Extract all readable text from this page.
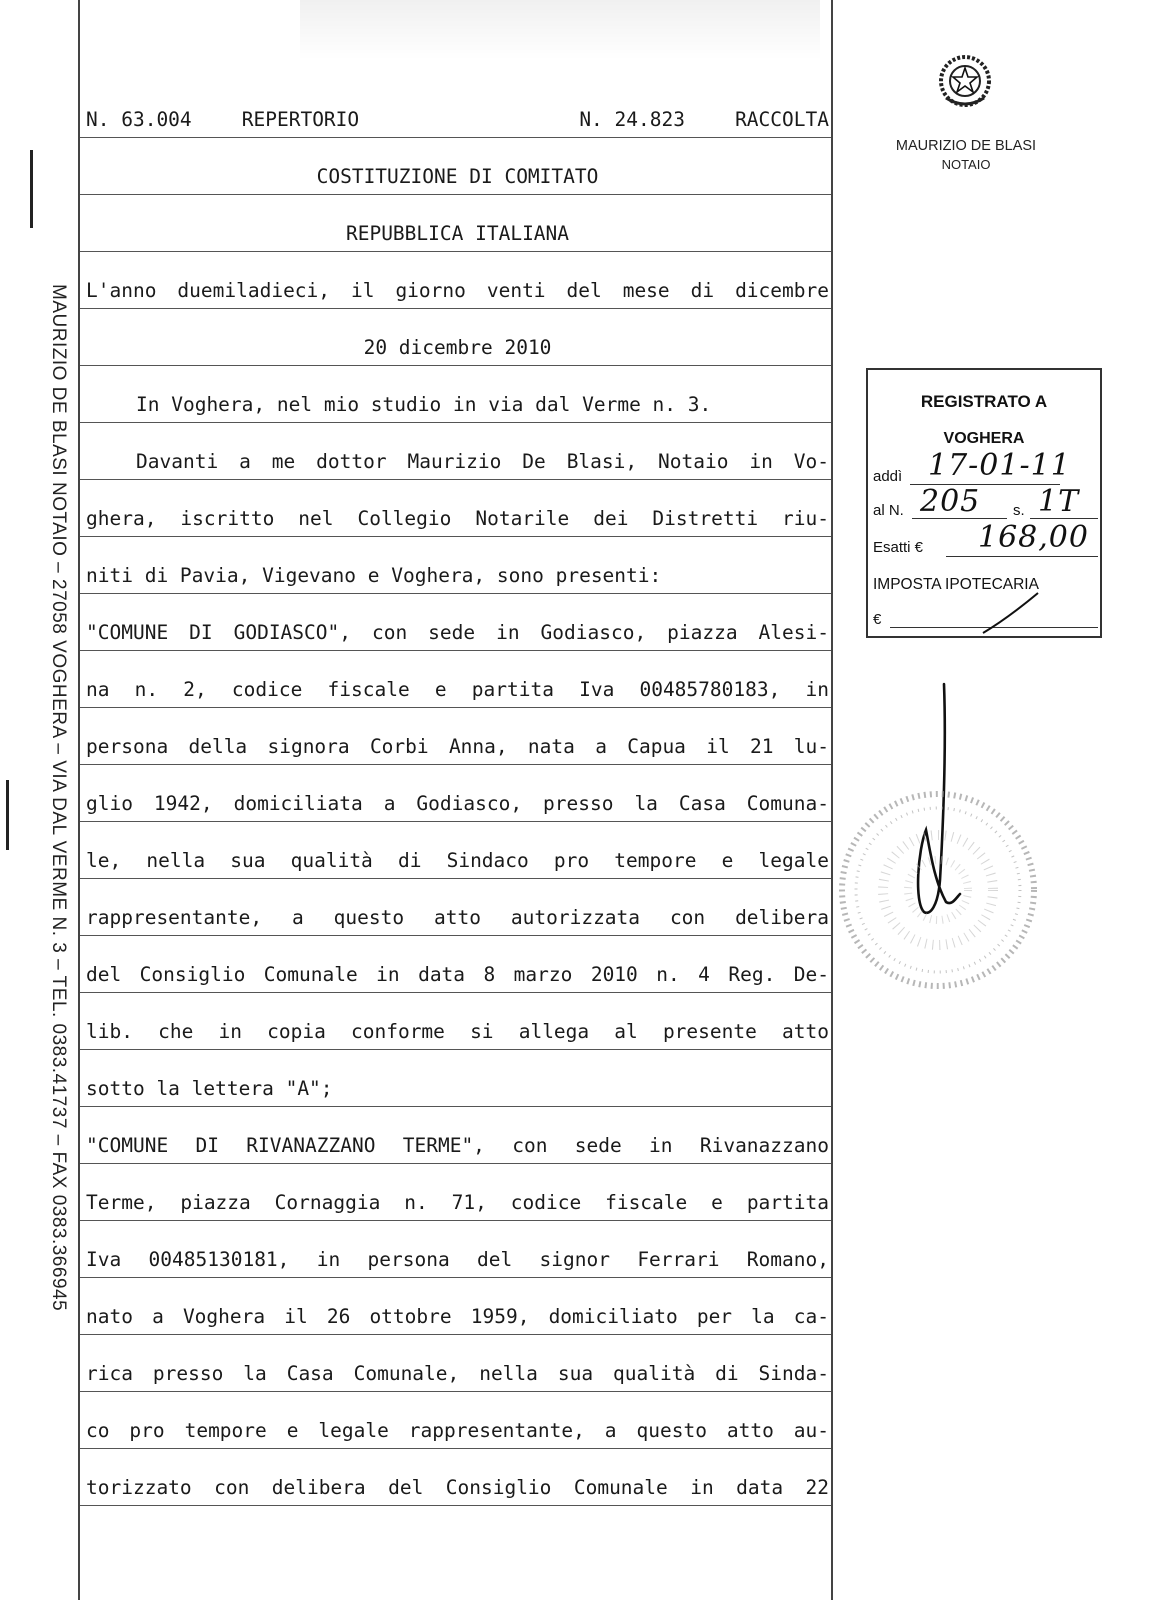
MAURIZIO DE BLASI NOTAIO – 27058 VOGHERA – VIA DAL VERME N. 3 – TEL. 0383.41737 – FAX 0383.366945
N. 63.004	REPERTORIO	N. 24.823	RACCOLTA
COSTITUZIONE DI COMITATO
REPUBBLICA ITALIANA
L'anno duemiladieci, il giorno venti del mese di dicembre
20 dicembre 2010
In Voghera, nel mio studio in via dal Verme n. 3.
Davanti a me dottor Maurizio De Blasi, Notaio in Vo-
ghera, iscritto nel Collegio Notarile dei Distretti riu-
niti di Pavia, Vigevano e Voghera, sono presenti:
"COMUNE DI GODIASCO", con sede in Godiasco, piazza Alesi-
na n. 2, codice fiscale e partita Iva 00485780183, in
persona della signora Corbi Anna, nata a Capua il 21 lu-
glio 1942, domiciliata a Godiasco, presso la Casa Comuna-
le, nella sua qualità di Sindaco pro tempore e legale
rappresentante, a questo atto autorizzata con delibera
del Consiglio Comunale in data 8 marzo 2010 n. 4 Reg. De-
lib. che in copia conforme si allega al presente atto
sotto la lettera "A";
"COMUNE DI RIVANAZZANO TERME", con sede in Rivanazzano
Terme, piazza Cornaggia n. 71, codice fiscale e partita
Iva 00485130181, in persona del signor Ferrari Romano,
nato a Voghera il 26 ottobre 1959, domiciliato per la ca-
rica presso la Casa Comunale, nella sua qualità di Sinda-
co pro tempore e legale rappresentante, a questo atto au-
torizzato con delibera del Consiglio Comunale in data 22
MAURIZIO DE BLASI
NOTAIO
REGISTRATO A
VOGHERA
addì 17-01-11
al N. 205 s. 1T
Esatti € 168,00
IMPOSTA IPOTECARIA
€
